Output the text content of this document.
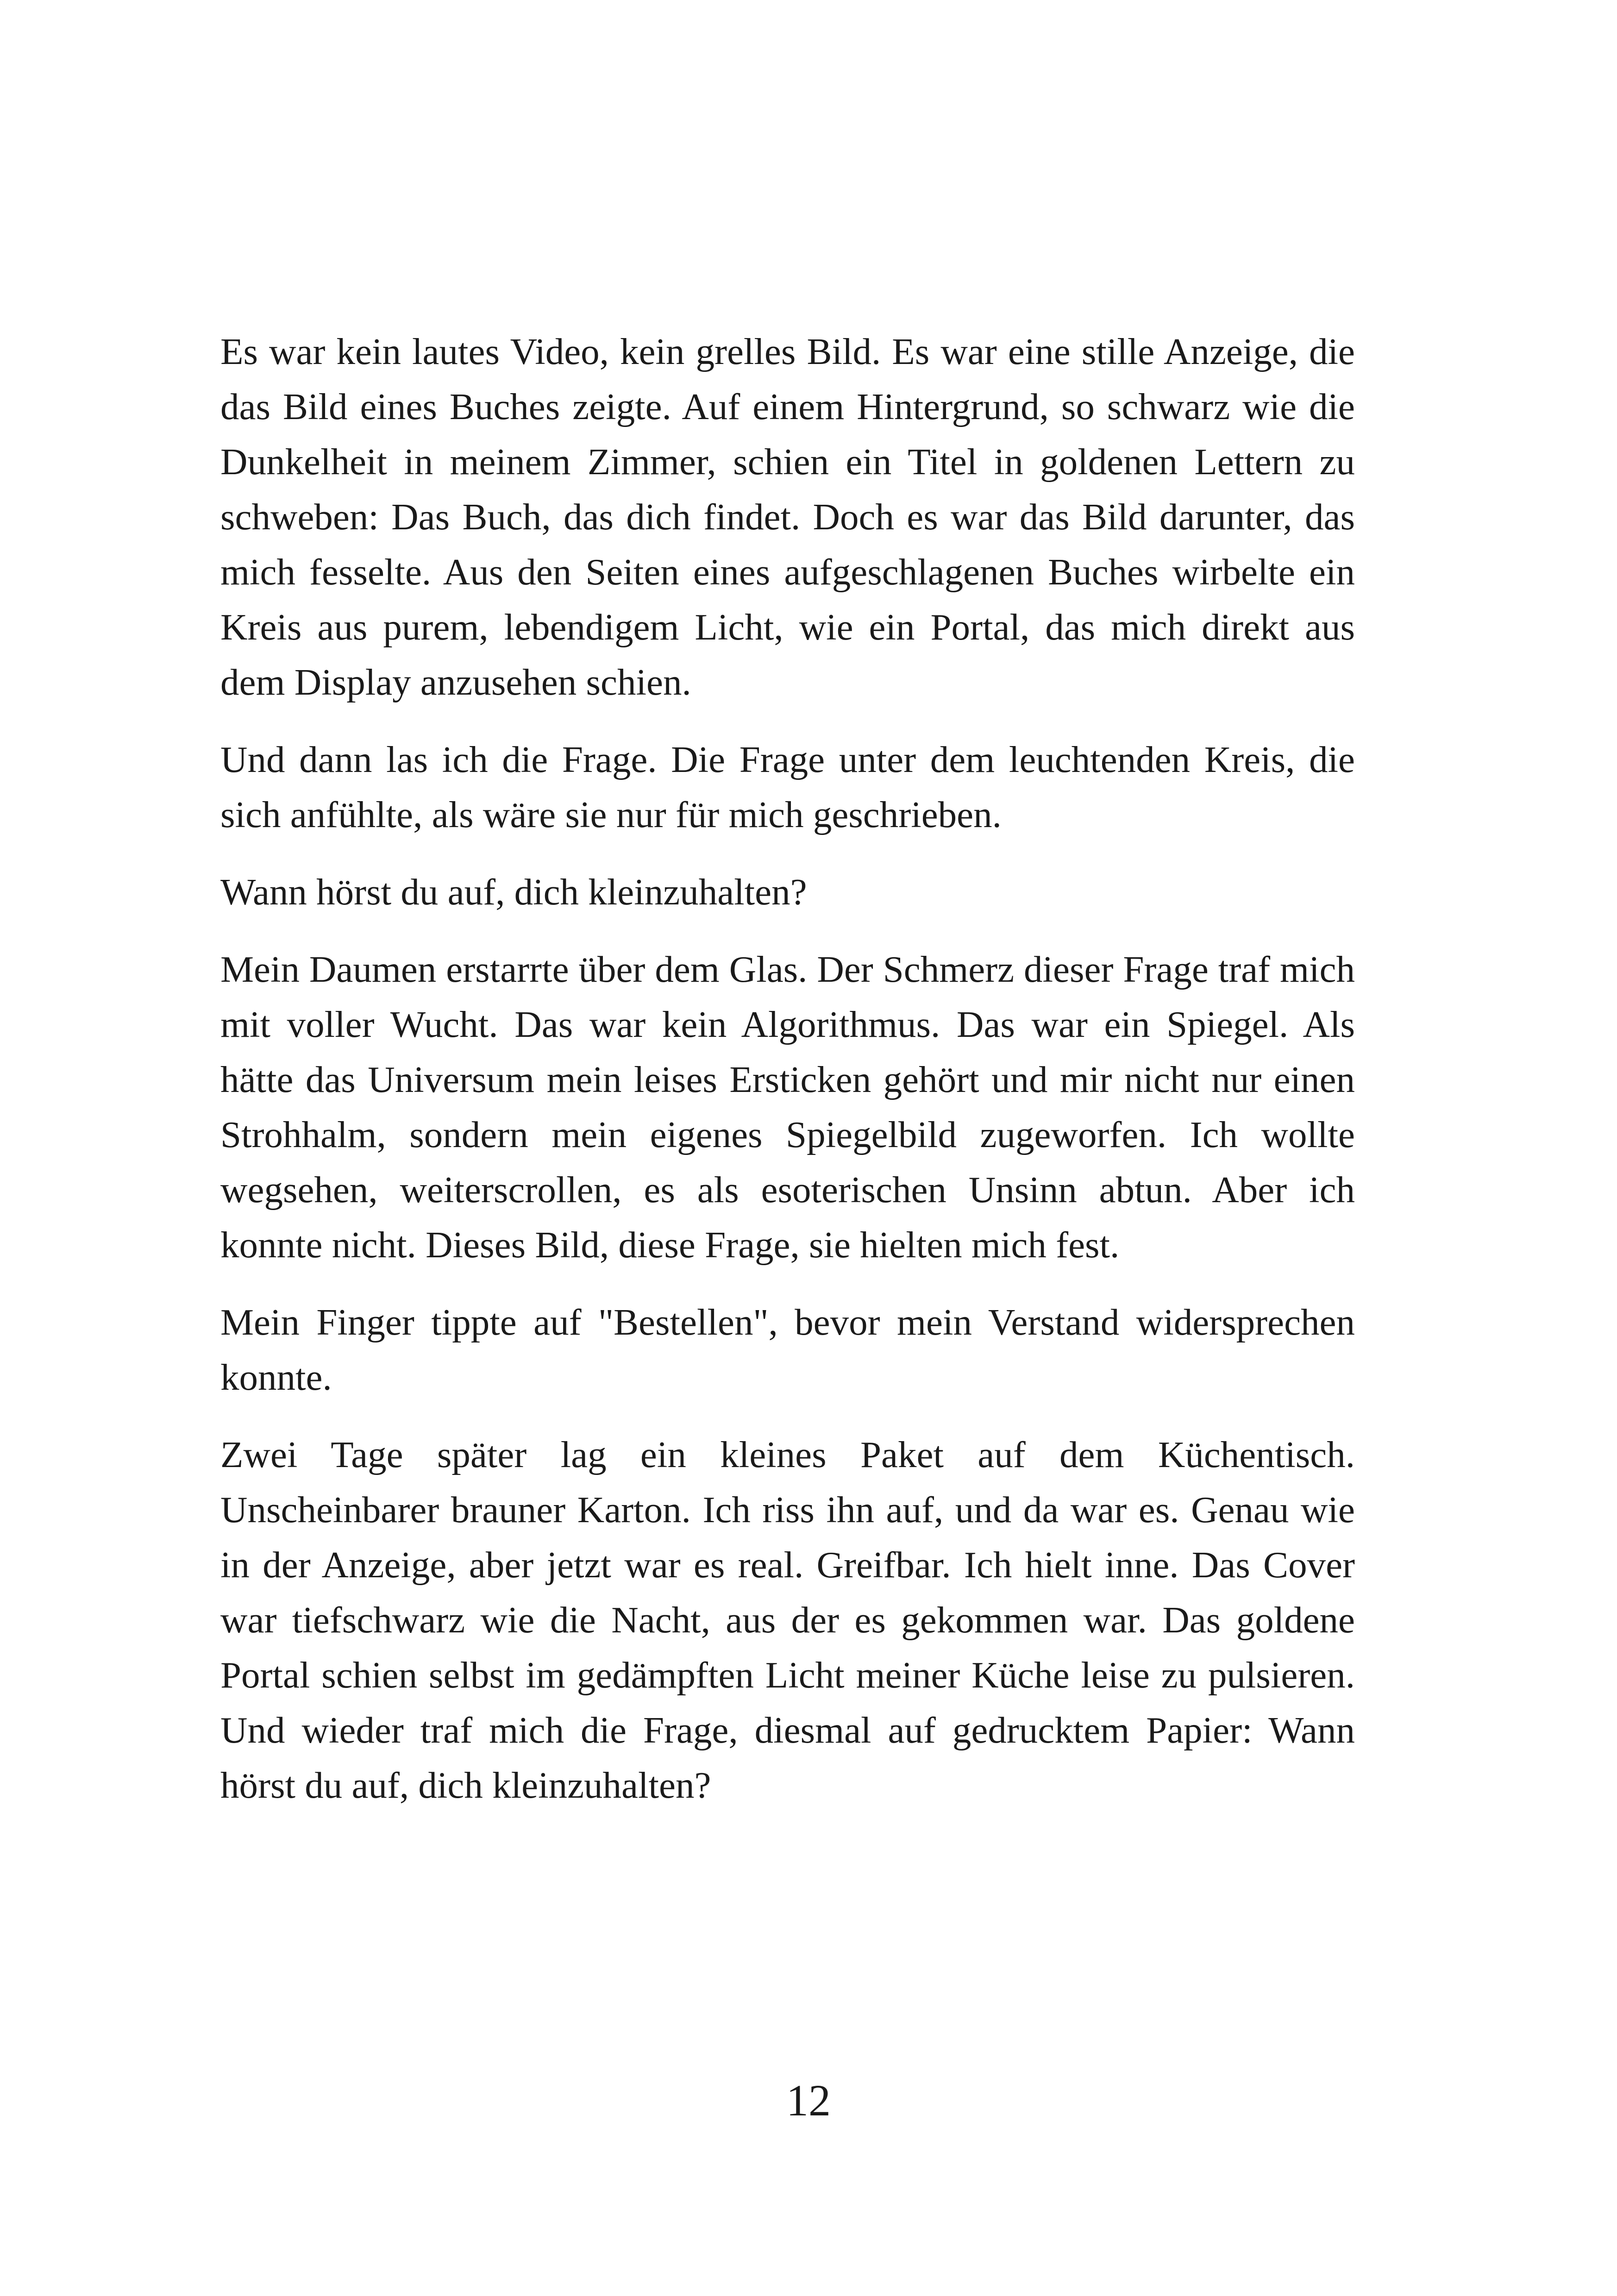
Es war kein lautes Video, kein grelles Bild. Es war eine stille Anzeige, die das Bild eines Buches zeigte. Auf einem Hintergrund, so schwarz wie die Dunkelheit in meinem Zimmer, schien ein Titel in goldenen Lettern zu schweben: Das Buch, das dich findet. Doch es war das Bild darunter, das mich fesselte. Aus den Seiten eines aufgeschlagenen Buches wirbelte ein Kreis aus purem, lebendigem Licht, wie ein Portal, das mich direkt aus dem Display anzusehen schien.

Und dann las ich die Frage. Die Frage unter dem leuchtenden Kreis, die sich anfühlte, als wäre sie nur für mich geschrieben.

Wann hörst du auf, dich kleinzuhalten?

Mein Daumen erstarrte über dem Glas. Der Schmerz dieser Frage traf mich mit voller Wucht. Das war kein Algorithmus. Das war ein Spiegel. Als hätte das Universum mein leises Ersticken gehört und mir nicht nur einen Strohhalm, sondern mein eigenes Spiegelbild zugeworfen. Ich wollte wegsehen, weiterscrollen, es als esoterischen Unsinn abtun. Aber ich konnte nicht. Dieses Bild, diese Frage, sie hielten mich fest.

Mein Finger tippte auf "Bestellen", bevor mein Verstand widersprechen konnte.

Zwei Tage später lag ein kleines Paket auf dem Küchentisch. Unscheinbarer brauner Karton. Ich riss ihn auf, und da war es. Genau wie in der Anzeige, aber jetzt war es real. Greifbar. Ich hielt inne. Das Cover war tiefschwarz wie die Nacht, aus der es gekommen war. Das goldene Portal schien selbst im gedämpften Licht meiner Küche leise zu pulsieren. Und wieder traf mich die Frage, diesmal auf gedrucktem Papier: Wann hörst du auf, dich kleinzuhalten?

12
